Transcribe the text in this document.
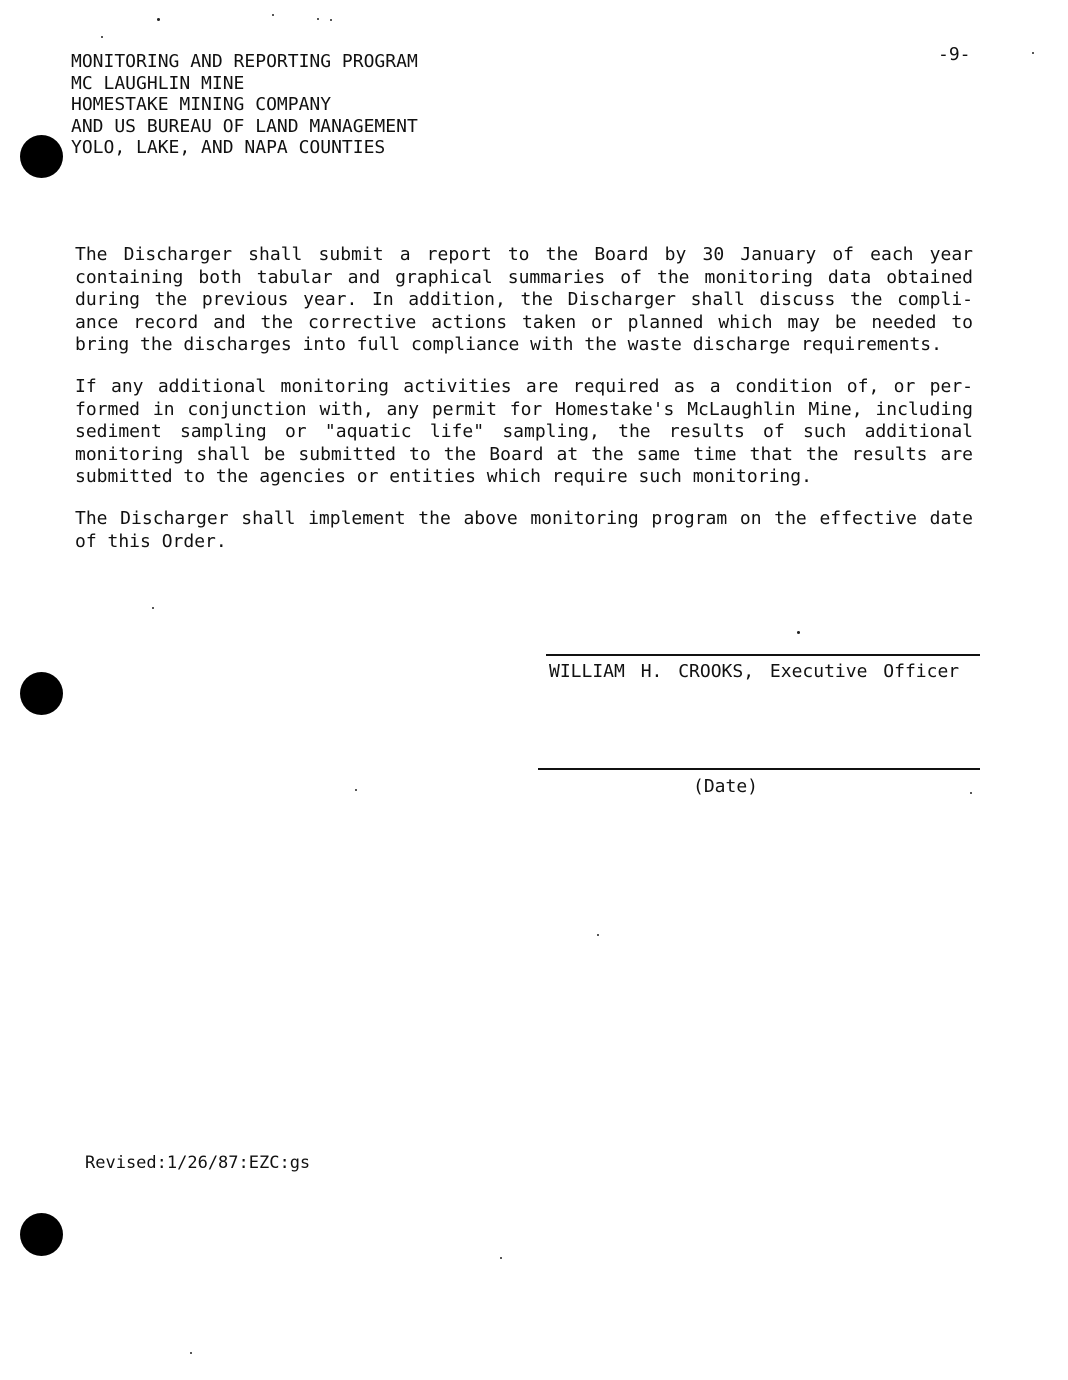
MONITORING AND REPORTING PROGRAM
MC LAUGHLIN MINE
HOMESTAKE MINING COMPANY
AND US BUREAU OF LAND MANAGEMENT
YOLO, LAKE, AND NAPA COUNTIES
-9-

The Discharger shall submit a report to the Board by 30 January of each year containing both tabular and graphical summaries of the monitoring data obtained during the previous year. In addition, the Discharger shall discuss the compli-ance record and the corrective actions taken or planned which may be needed to bring the discharges into full compliance with the waste discharge requirements.

If any additional monitoring activities are required as a condition of, or per-formed in conjunction with, any permit for Homestake's McLaughlin Mine, including sediment sampling or "aquatic life" sampling, the results of such additional monitoring shall be submitted to the Board at the same time that the results are submitted to the agencies or entities which require such monitoring.

The Discharger shall implement the above monitoring program on the effective date of this Order.

WILLIAM H. CROOKS, Executive Officer
(Date)
Revised:1/26/87:EZC:gs
